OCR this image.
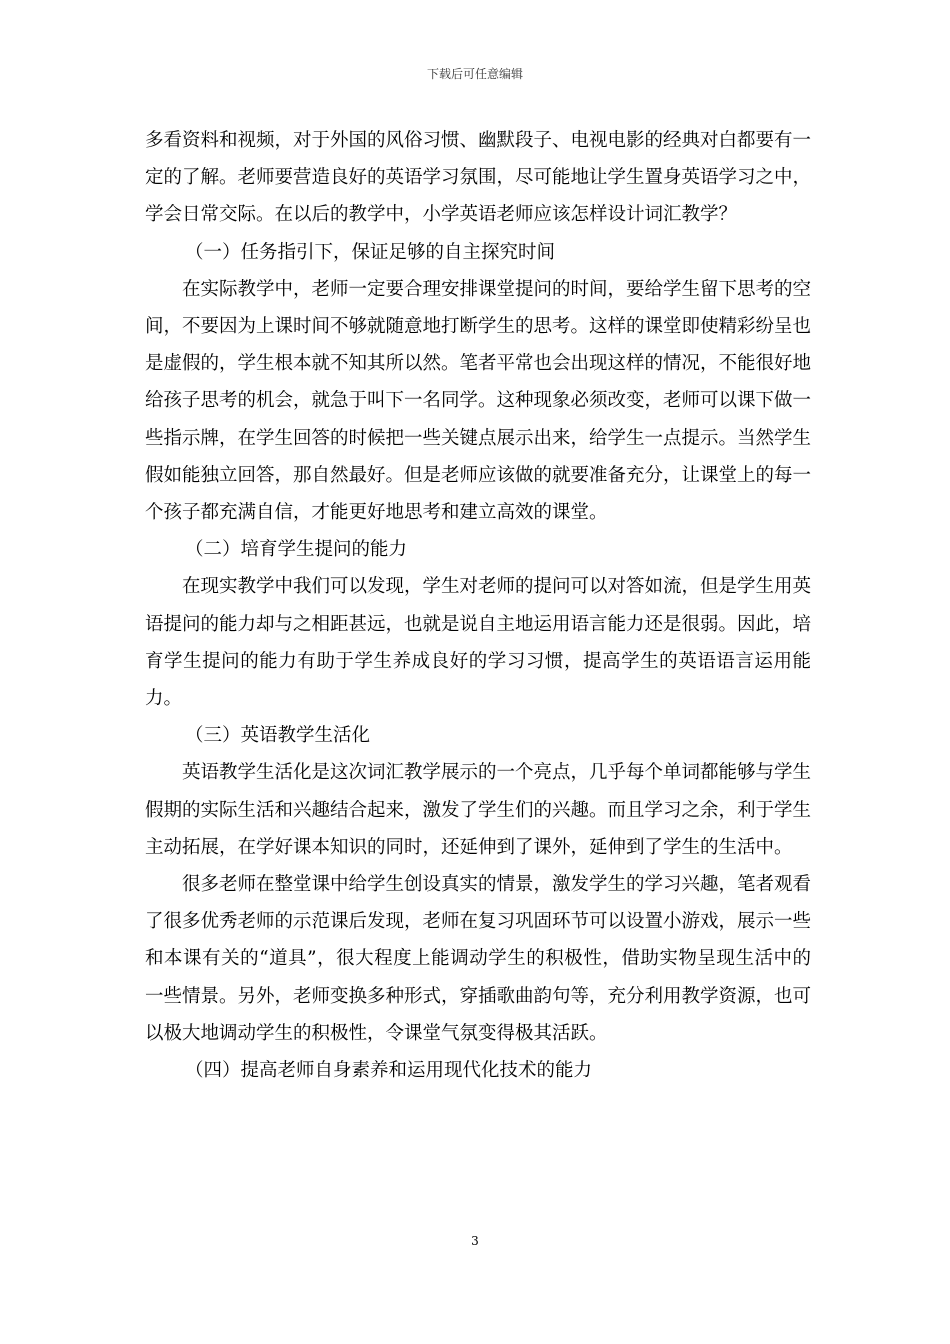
下载后可任意编辑

多看资料和视频，对于外国的风俗习惯、幽默段子、电视电影的经典对白都要有一定的了解。老师要营造良好的英语学习氛围，尽可能地让学生置身英语学习之中，学会日常交际。在以后的教学中，小学英语老师应该怎样设计词汇教学？

（一）任务指引下，保证足够的自主探究时间

在实际教学中，老师一定要合理安排课堂提问的时间，要给学生留下思考的空间，不要因为上课时间不够就随意地打断学生的思考。这样的课堂即使精彩纷呈也是虚假的，学生根本就不知其所以然。笔者平常也会出现这样的情况，不能很好地给孩子思考的机会，就急于叫下一名同学。这种现象必须改变，老师可以课下做一些指示牌，在学生回答的时候把一些关键点展示出来，给学生一点提示。当然学生假如能独立回答，那自然最好。但是老师应该做的就要准备充分，让课堂上的每一个孩子都充满自信，才能更好地思考和建立高效的课堂。

（二）培育学生提问的能力

在现实教学中我们可以发现，学生对老师的提问可以对答如流，但是学生用英语提问的能力却与之相距甚远，也就是说自主地运用语言能力还是很弱。因此，培育学生提问的能力有助于学生养成良好的学习习惯，提高学生的英语语言运用能力。

（三）英语教学生活化

英语教学生活化是这次词汇教学展示的一个亮点，几乎每个单词都能够与学生假期的实际生活和兴趣结合起来，激发了学生们的兴趣。而且学习之余，利于学生主动拓展，在学好课本知识的同时，还延伸到了课外，延伸到了学生的生活中。

很多老师在整堂课中给学生创设真实的情景，激发学生的学习兴趣，笔者观看了很多优秀老师的示范课后发现，老师在复习巩固环节可以设置小游戏，展示一些和本课有关的“道具”，很大程度上能调动学生的积极性，借助实物呈现生活中的一些情景。另外，老师变换多种形式，穿插歌曲韵句等，充分利用教学资源，也可以极大地调动学生的积极性，令课堂气氛变得极其活跃。

（四）提高老师自身素养和运用现代化技术的能力

3
